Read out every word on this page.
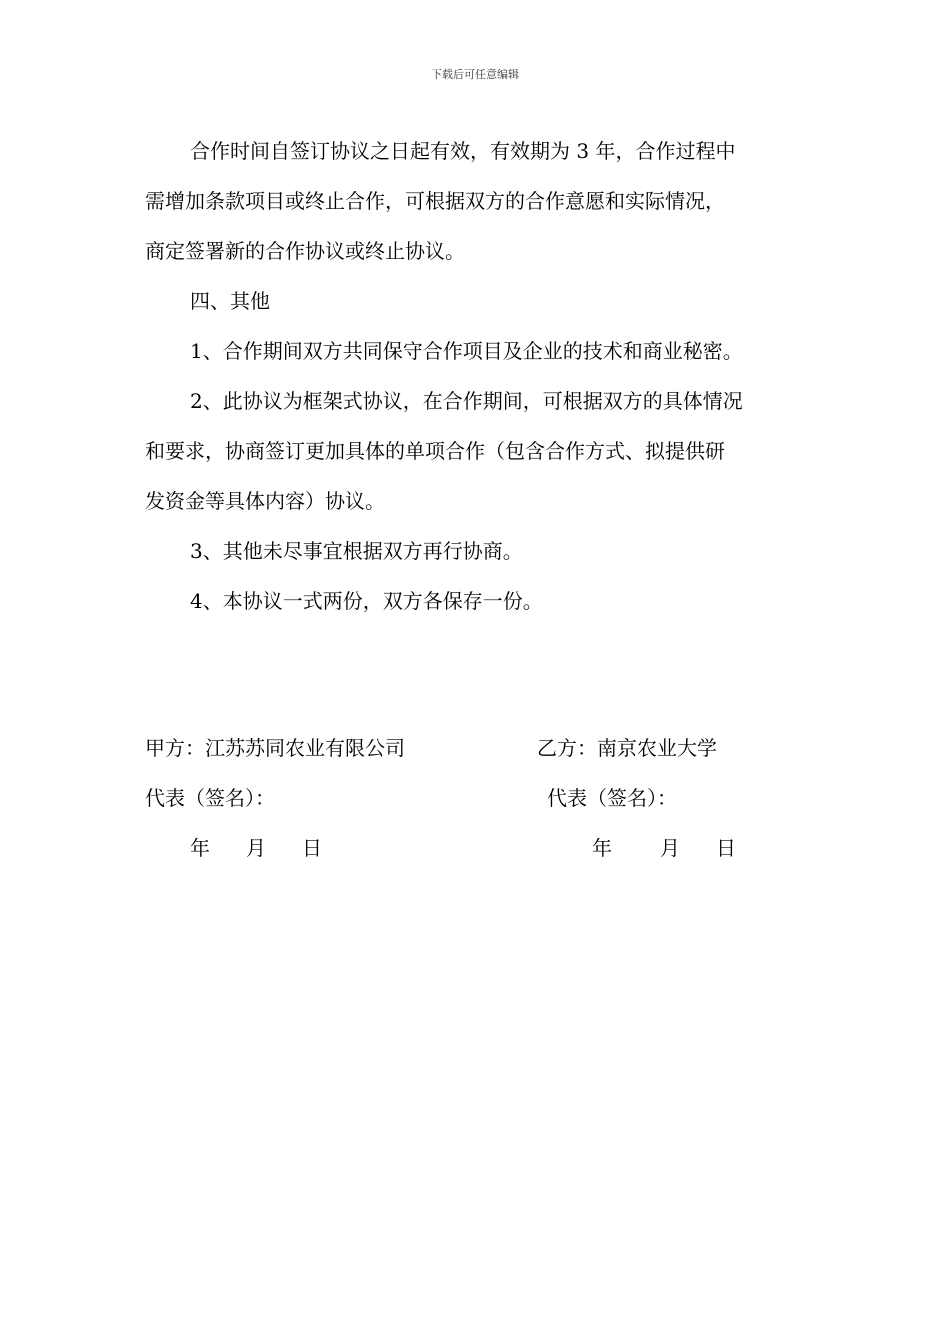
下载后可任意编辑
合作时间自签订协议之日起有效，有效期为 3 年，合作过程中
需增加条款项目或终止合作，可根据双方的合作意愿和实际情况，
商定签署新的合作协议或终止协议。
四、其他
1、合作期间双方共同保守合作项目及企业的技术和商业秘密。
2、此协议为框架式协议，在合作期间，可根据双方的具体情况
和要求，协商签订更加具体的单项合作（包含合作方式、拟提供研
发资金等具体内容）协议。
3、其他未尽事宜根据双方再行协商。
4、本协议一式两份，双方各保存一份。
甲方：江苏苏同农业有限公司	乙方：南京农业大学
代表（签名）：	代表（签名）：
年 月 日	年 月 日
